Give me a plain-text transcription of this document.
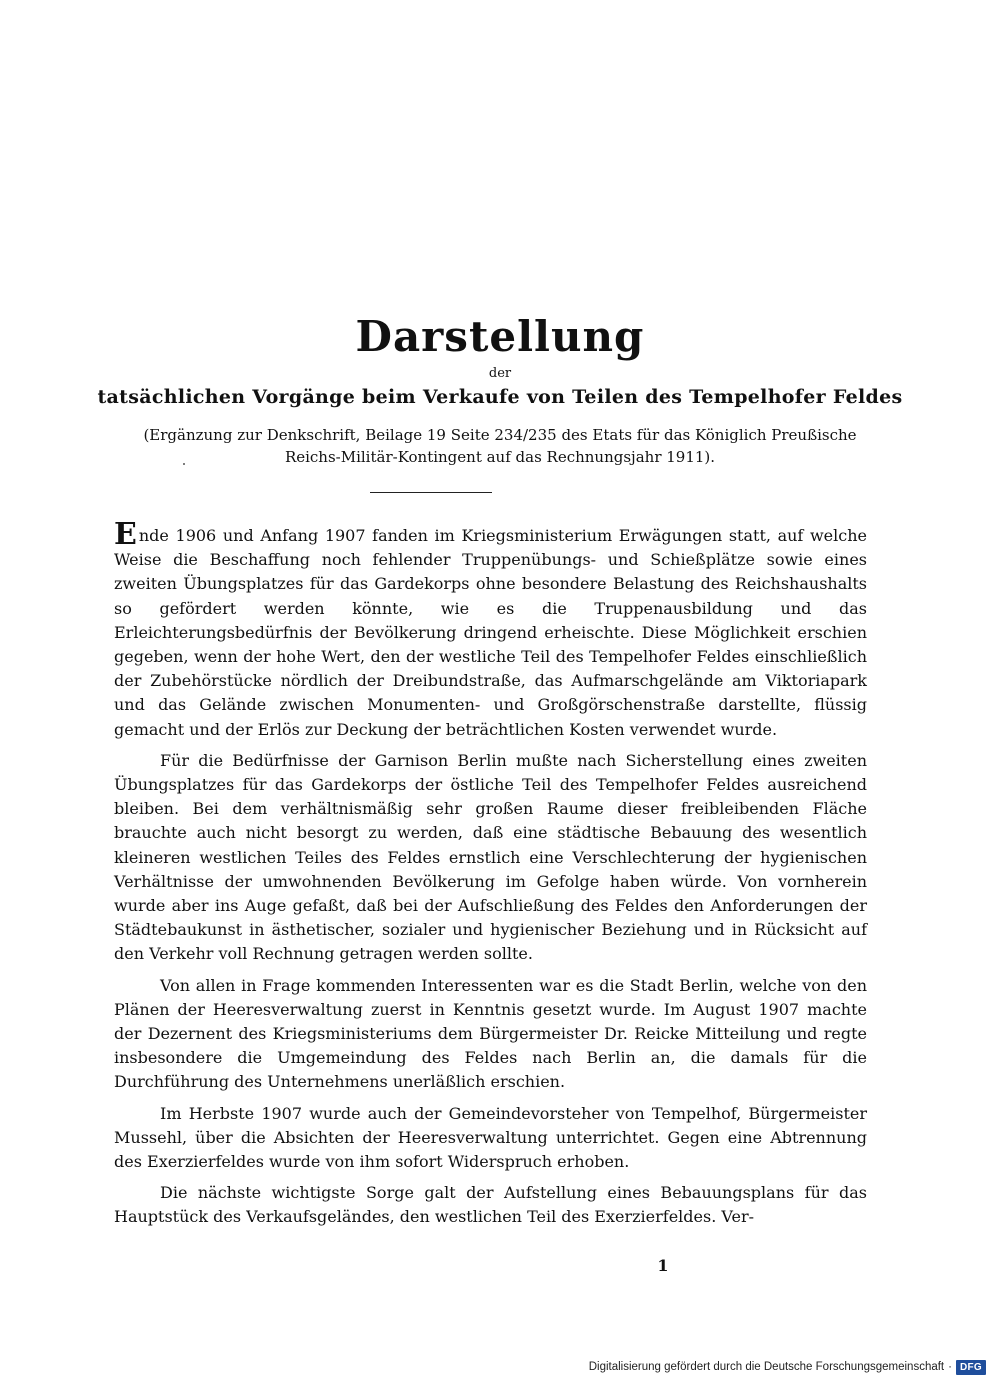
Darstellung
der
tatsächlichen Vorgänge beim Verkaufe von Teilen des Tempelhofer Feldes
(Ergänzung zur Denkschrift, Beilage 19 Seite 234/235 des Etats für das Königlich Preußische
Reichs-Militär-Kontingent auf das Rechnungsjahr 1911).

Ende 1906 und Anfang 1907 fanden im Kriegsministerium Erwägungen statt, auf welche Weise die Beschaffung noch fehlender Truppenübungs- und Schießplätze sowie eines zweiten Übungsplatzes für das Gardekorps ohne besondere Belastung des Reichshaushalts so gefördert werden könnte, wie es die Truppenausbildung und das Erleichterungsbedürfnis der Bevölkerung dringend erheischte. Diese Möglichkeit erschien gegeben, wenn der hohe Wert, den der westliche Teil des Tempelhofer Feldes einschließlich der Zubehörstücke nördlich der Dreibundstraße, das Aufmarschgelände am Viktoriapark und das Gelände zwischen Monumenten- und Großgörschenstraße darstellte, flüssig gemacht und der Erlös zur Deckung der beträchtlichen Kosten verwendet wurde.

Für die Bedürfnisse der Garnison Berlin mußte nach Sicherstellung eines zweiten Übungsplatzes für das Gardekorps der östliche Teil des Tempelhofer Feldes ausreichend bleiben. Bei dem verhältnismäßig sehr großen Raume dieser freibleibenden Fläche brauchte auch nicht besorgt zu werden, daß eine städtische Bebauung des wesentlich kleineren westlichen Teiles des Feldes ernstlich eine Verschlechterung der hygienischen Verhältnisse der umwohnenden Bevölkerung im Gefolge haben würde. Von vornherein wurde aber ins Auge gefaßt, daß bei der Aufschließung des Feldes den Anforderungen der Städtebaukunst in ästhetischer, sozialer und hygienischer Beziehung und in Rücksicht auf den Verkehr voll Rechnung getragen werden sollte.

Von allen in Frage kommenden Interessenten war es die Stadt Berlin, welche von den Plänen der Heeresverwaltung zuerst in Kenntnis gesetzt wurde. Im August 1907 machte der Dezernent des Kriegsministeriums dem Bürgermeister Dr. Reicke Mitteilung und regte insbesondere die Umgemeindung des Feldes nach Berlin an, die damals für die Durchführung des Unternehmens unerläßlich erschien.

Im Herbste 1907 wurde auch der Gemeindevorsteher von Tempelhof, Bürgermeister Mussehl, über die Absichten der Heeresverwaltung unterrichtet. Gegen eine Abtrennung des Exerzierfeldes wurde von ihm sofort Widerspruch erhoben.

Die nächste wichtigste Sorge galt der Aufstellung eines Bebauungsplans für das Hauptstück des Verkaufsgeländes, den westlichen Teil des Exerzierfeldes. Ver-

1
Digitalisierung gefördert durch die Deutsche Forschungsgemeinschaft · DFG
